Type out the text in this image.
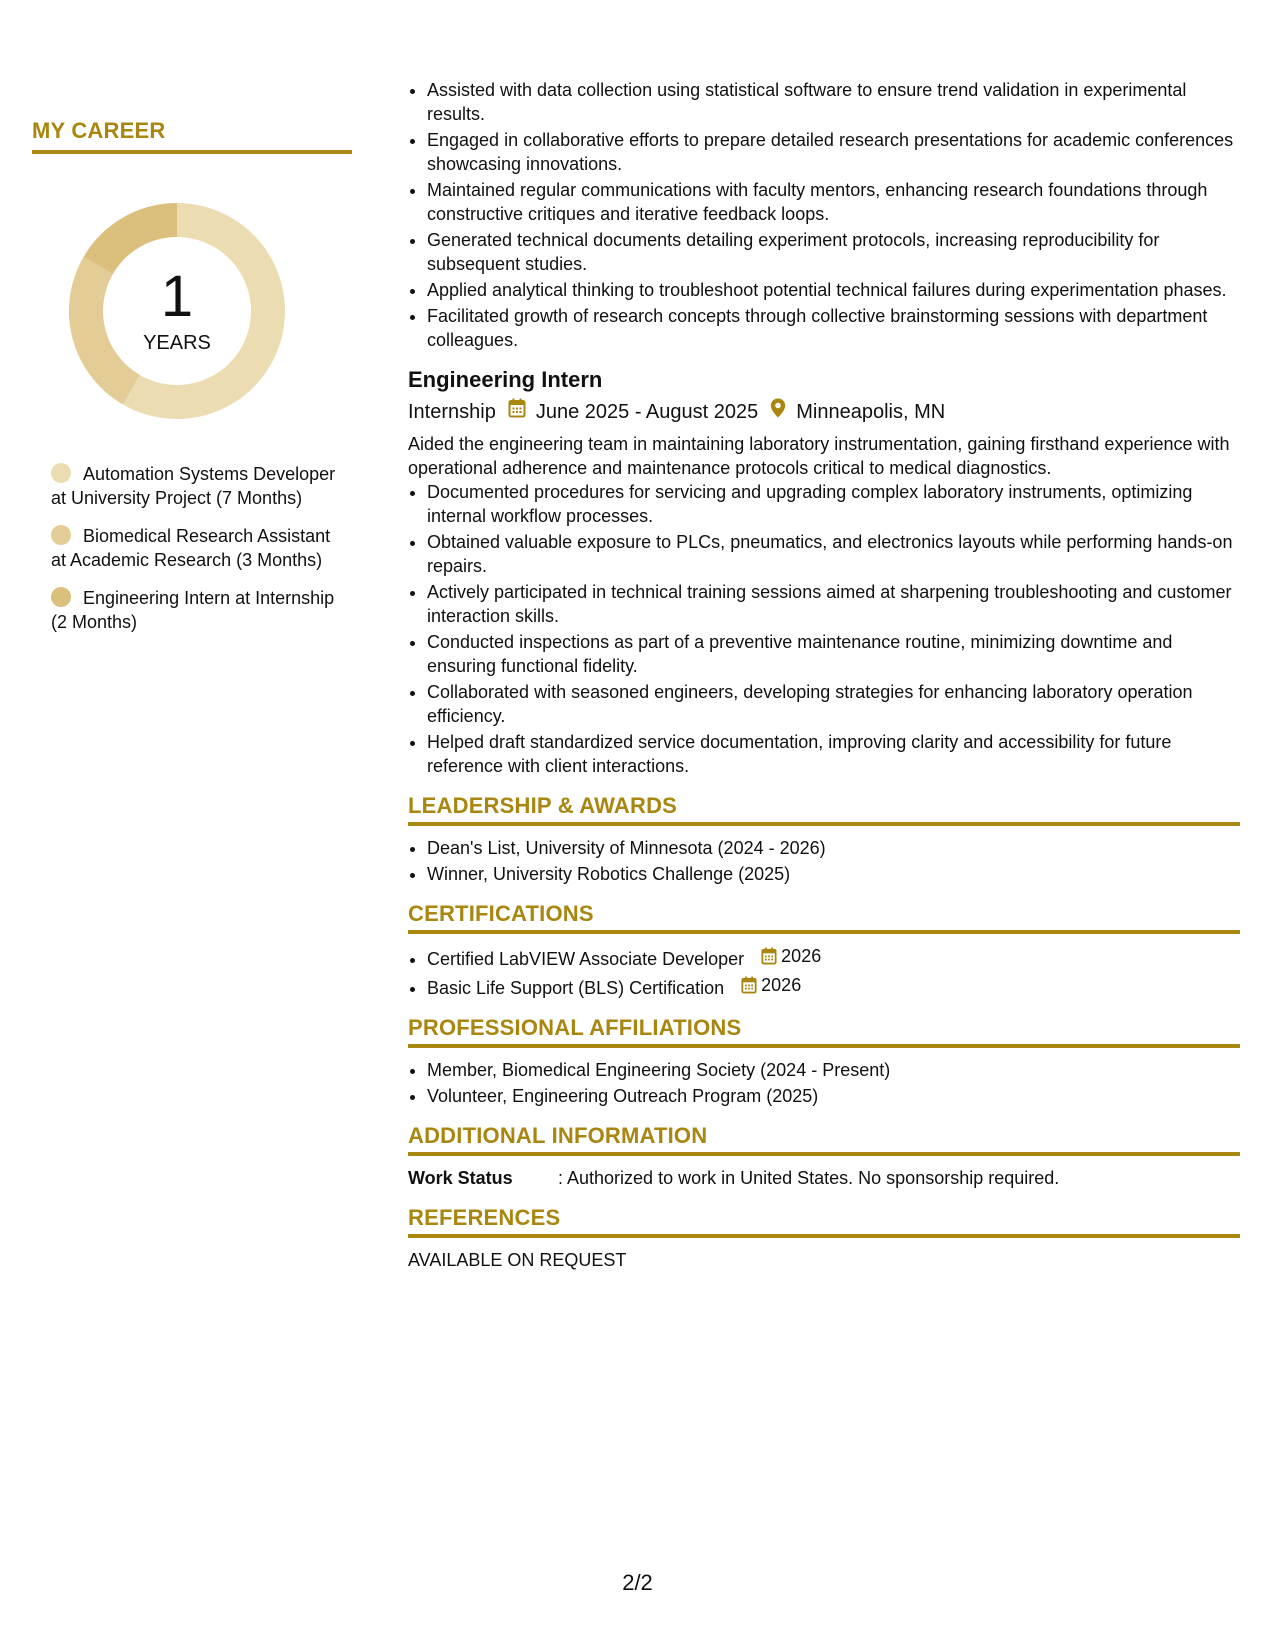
MY CAREER
1
YEARS
Automation Systems Developer at University Project (7 Months)
Biomedical Research Assistant at Academic Research (3 Months)
Engineering Intern at Internship (2 Months)
• Assisted with data collection using statistical software to ensure trend validation in experimental results.
• Engaged in collaborative efforts to prepare detailed research presentations for academic conferences showcasing innovations.
• Maintained regular communications with faculty mentors, enhancing research foundations through constructive critiques and iterative feedback loops.
• Generated technical documents detailing experiment protocols, increasing reproducibility for subsequent studies.
• Applied analytical thinking to troubleshoot potential technical failures during experimentation phases.
• Facilitated growth of research concepts through collective brainstorming sessions with department colleagues.
Engineering Intern
Internship June 2025 - August 2025 Minneapolis, MN
Aided the engineering team in maintaining laboratory instrumentation, gaining firsthand experience with operational adherence and maintenance protocols critical to medical diagnostics.
• Documented procedures for servicing and upgrading complex laboratory instruments, optimizing internal workflow processes.
• Obtained valuable exposure to PLCs, pneumatics, and electronics layouts while performing hands-on repairs.
• Actively participated in technical training sessions aimed at sharpening troubleshooting and customer interaction skills.
• Conducted inspections as part of a preventive maintenance routine, minimizing downtime and ensuring functional fidelity.
• Collaborated with seasoned engineers, developing strategies for enhancing laboratory operation efficiency.
• Helped draft standardized service documentation, improving clarity and accessibility for future reference with client interactions.
LEADERSHIP & AWARDS
• Dean's List, University of Minnesota (2024 - 2026)
• Winner, University Robotics Challenge (2025)
CERTIFICATIONS
• Certified LabVIEW Associate Developer 2026
• Basic Life Support (BLS) Certification 2026
PROFESSIONAL AFFILIATIONS
• Member, Biomedical Engineering Society (2024 - Present)
• Volunteer, Engineering Outreach Program (2025)
ADDITIONAL INFORMATION
Work Status	: Authorized to work in United States. No sponsorship required.
REFERENCES
AVAILABLE ON REQUEST
2/2
